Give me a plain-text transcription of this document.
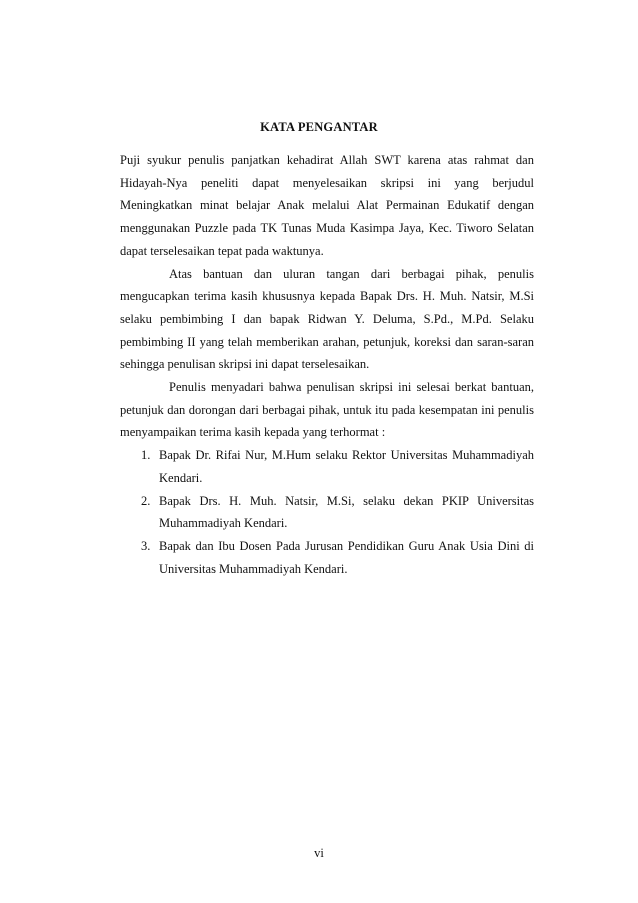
KATA PENGANTAR

Puji syukur penulis panjatkan kehadirat Allah SWT karena atas rahmat dan Hidayah-Nya peneliti dapat menyelesaikan skripsi ini yang berjudul Meningkatkan minat belajar Anak melalui Alat Permainan Edukatif dengan menggunakan Puzzle pada TK Tunas Muda Kasimpa Jaya, Kec. Tiworo Selatan dapat terselesaikan tepat pada waktunya.

Atas bantuan dan uluran tangan dari berbagai pihak, penulis mengucapkan terima kasih khususnya kepada Bapak Drs. H. Muh. Natsir, M.Si selaku pembimbing I dan bapak Ridwan Y. Deluma, S.Pd., M.Pd. Selaku pembimbing II yang telah memberikan arahan, petunjuk, koreksi dan saran-saran sehingga penulisan skripsi ini dapat terselesaikan.

Penulis menyadari bahwa penulisan skripsi ini selesai berkat bantuan, petunjuk dan dorongan dari berbagai pihak, untuk itu pada kesempatan ini penulis menyampaikan terima kasih kepada yang terhormat :

1. Bapak Dr. Rifai Nur, M.Hum selaku Rektor Universitas Muhammadiyah Kendari.
2. Bapak Drs. H. Muh. Natsir, M.Si, selaku dekan PKIP Universitas Muhammadiyah Kendari.
3. Bapak dan Ibu Dosen Pada Jurusan Pendidikan Guru Anak Usia Dini di Universitas Muhammadiyah Kendari.
vi
